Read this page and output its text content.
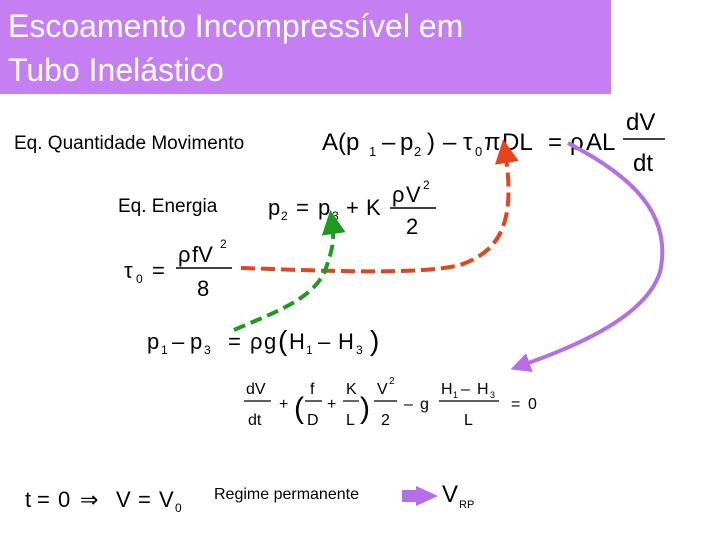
Escoamento Incompressível em
Tubo Inelástico
Eq. Quantidade Movimento
Eq. Energia
Regime permanente
A(p 1 – p 2 ) – τ 0 π DL = ρ AL
dV
dt
p 2 = p 3 + K
ρ V 2
2
τ 0 =
ρ fV 2
8
p 1 – p 3 = ρ g ( H 1 – H 3 )
dV
dt
+ (
f
D
+
K
L )
V 2
2
– g
H 1 – H 3
L
= 0
t = 0 ⇒ V = V 0	V RP
